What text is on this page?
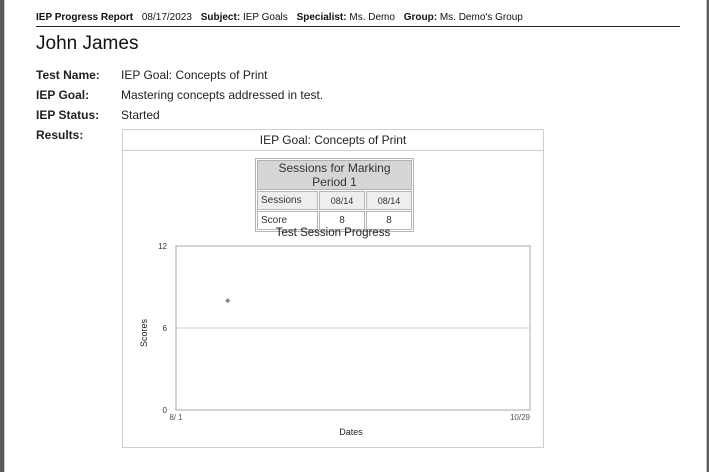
IEP Progress Report 08/17/2023 Subject: IEP Goals Specialist: Ms. Demo Group: Ms. Demo's Group
John James
Test Name: IEP Goal: Concepts of Print
IEP Goal:	Mastering concepts addressed in test.
IEP Status: Started
Results:	IEP Goal: Concepts of Print
Sessions for Marking Period 1		
Sessions	08/14	08/14
Score	8	8
Test Session Progress
0
6
12
8/ 1	10/29
Dates
Scores
